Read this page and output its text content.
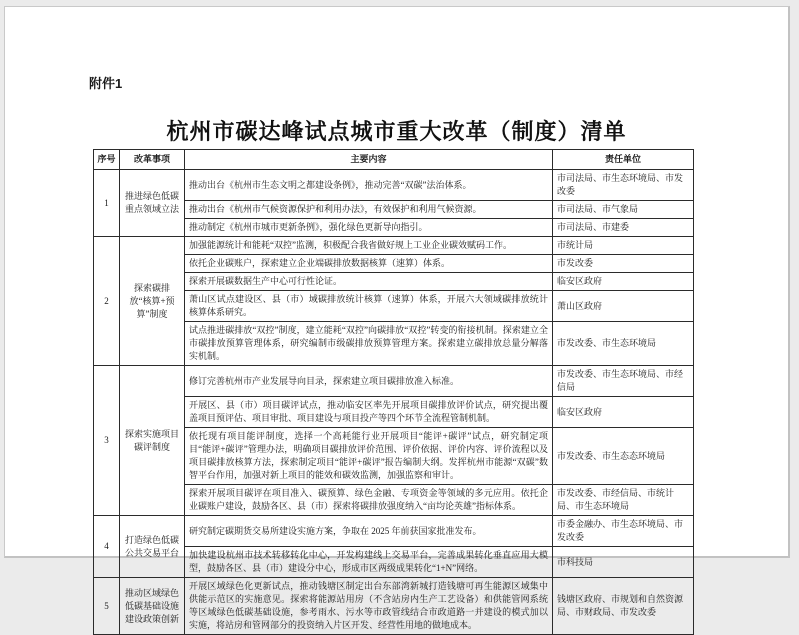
附件1
杭州市碳达峰试点城市重大改革（制度）清单
序号	改革事项	主要内容	责任单位
1	推进绿色低碳重点领域立法	推动出台《杭州市生态文明之都建设条例》，推动完善“双碳”法治体系。	市司法局、市生态环境局、市发改委
		推动出台《杭州市气候资源保护和利用办法》，有效保护和利用气候资源。	市司法局、市气象局
		推动制定《杭州市城市更新条例》，强化绿色更新导向指引。	市司法局、市建委
2	探索碳排放“核算+预算”制度	加强能源统计和能耗“双控”监测，积极配合我省做好规上工业企业碳效赋码工作。	市统计局
		依托企业碳账户，探索建立企业端碳排放数据核算（速算）体系。	市发改委
		探索开展碳数据生产中心可行性论证。	临安区政府
		萧山区试点建设区、县（市）域碳排放统计核算（速算）体系，开展六大领域碳排放统计核算体系研究。	萧山区政府
		试点推进碳排放“双控”制度，建立能耗“双控”向碳排放“双控”转变的衔接机制。探索建立全市碳排放预算管理体系，研究编制市级碳排放预算管理方案。探索建立碳排放总量分解落实机制。	市发改委、市生态环境局
3	探索实施项目碳评制度	修订完善杭州市产业发展导向目录，探索建立项目碳排放准入标准。	市发改委、市生态环境局、市经信局
		开展区、县（市）项目碳评试点，推动临安区率先开展项目碳排放评价试点，研究提出覆盖项目预评估、项目审批、项目建设与项目投产等四个环节全流程管制机制。	临安区政府
		依托现有项目能评制度，选择一个高耗能行业开展项目“能评+碳评”试点，研究制定项目“能评+碳评”管理办法，明确项目碳排放评价范围、评价依据、评价内容、评价流程以及项目碳排放核算方法，探索制定项目“能评+碳评”报告编制大纲。发挥杭州市能源“双碳”数智平台作用，加强对新上项目的能效和碳效监测，加强监察和审计。	市发改委、市生态态环境局
		探索开展项目碳评在项目准入、碳预算、绿色金融、专项资金等领域的多元应用。依托企业碳账户建设，鼓励各区、县（市）探索将碳排放强度纳入“亩均论英雄”指标体系。	市发改委、市经信局、市统计局、市生态环境局
4	打造绿色低碳公共交易平台	研究制定碳期货交易所建设实施方案，争取在 2025 年前获国家批准发布。	市委金融办、市生态环境局、市发改委
		加快建设杭州市技术转移转化中心，开发构建线上交易平台，完善成果转化垂直应用大模型，鼓励各区、县（市）建设分中心，形成市区两级成果转化“1+N”网络。	市科技局
5	推动区域绿色低碳基础设施建设政策创新	开展区域绿色化更新试点，推动钱塘区制定出台东部湾新城打造钱塘可再生能源区域集中供能示范区的实施意见。探索将能源站用房（不含站房内生产工艺设备）和供能管网系统等区域绿色低碳基础设施，参考雨水、污水等市政管线结合市政道路一并建设的模式加以实施，将站房和管网部分的投资纳入片区开发、经营性用地的做地成本。	钱塘区政府、市规划和自然资源局、市财政局、市发改委
